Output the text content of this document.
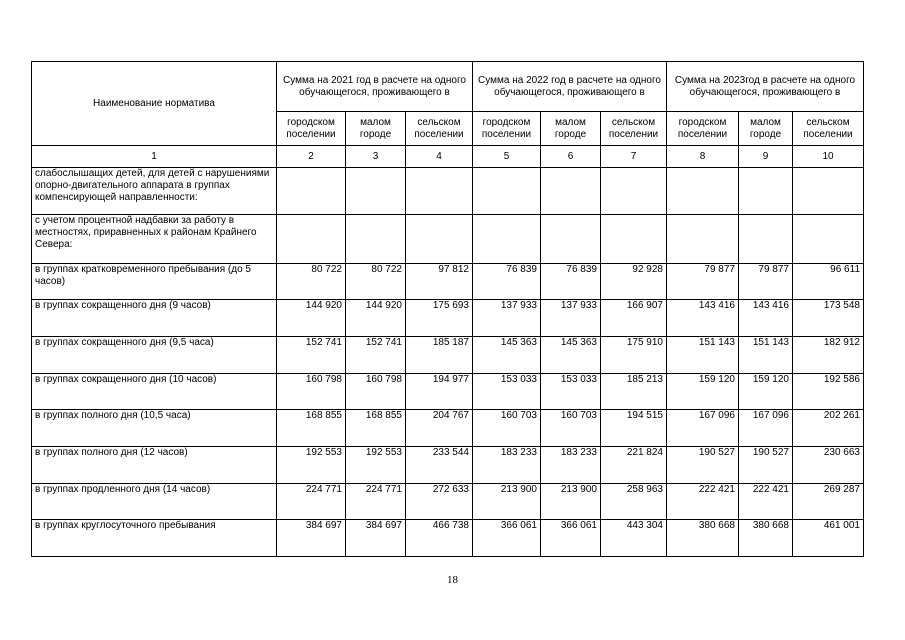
Наименование норматива	Сумма на 2021 год в расчете на одного обучающегося, проживающего в			Сумма на 2022 год в расчете на одного обучающегося, проживающего в			Сумма на 2023год в расчете на одного обучающегося, проживающего в		
	городском поселении	малом городе	сельском поселении	городском поселении	малом городе	сельском поселении	городском поселении	малом городе	сельском поселении
1	2	3	4	5	6	7	8	9	10
слабослышащих детей, для детей с нарушениями опорно-двигательного аппарата в группах компенсирующей направленности:									
с учетом процентной надбавки за работу в местностях, приравненных к районам Крайнего Севера:									
в группах кратковременного пребывания (до 5 часов)	80 722	80 722	97 812	76 839	76 839	92 928	79 877	79 877	96 611
в группах сокращенного дня (9 часов)	144 920	144 920	175 693	137 933	137 933	166 907	143 416	143 416	173 548
в группах сокращенного дня (9,5 часа)	152 741	152 741	185 187	145 363	145 363	175 910	151 143	151 143	182 912
в группах сокращенного дня (10 часов)	160 798	160 798	194 977	153 033	153 033	185 213	159 120	159 120	192 586
в группах полного дня (10,5 часа)	168 855	168 855	204 767	160 703	160 703	194 515	167 096	167 096	202 261
в группах полного дня (12 часов)	192 553	192 553	233 544	183 233	183 233	221 824	190 527	190 527	230 663
в группах продленного дня (14 часов)	224 771	224 771	272 633	213 900	213 900	258 963	222 421	222 421	269 287
в группах круглосуточного пребывания	384 697	384 697	466 738	366 061	366 061	443 304	380 668	380 668	461 001
18
